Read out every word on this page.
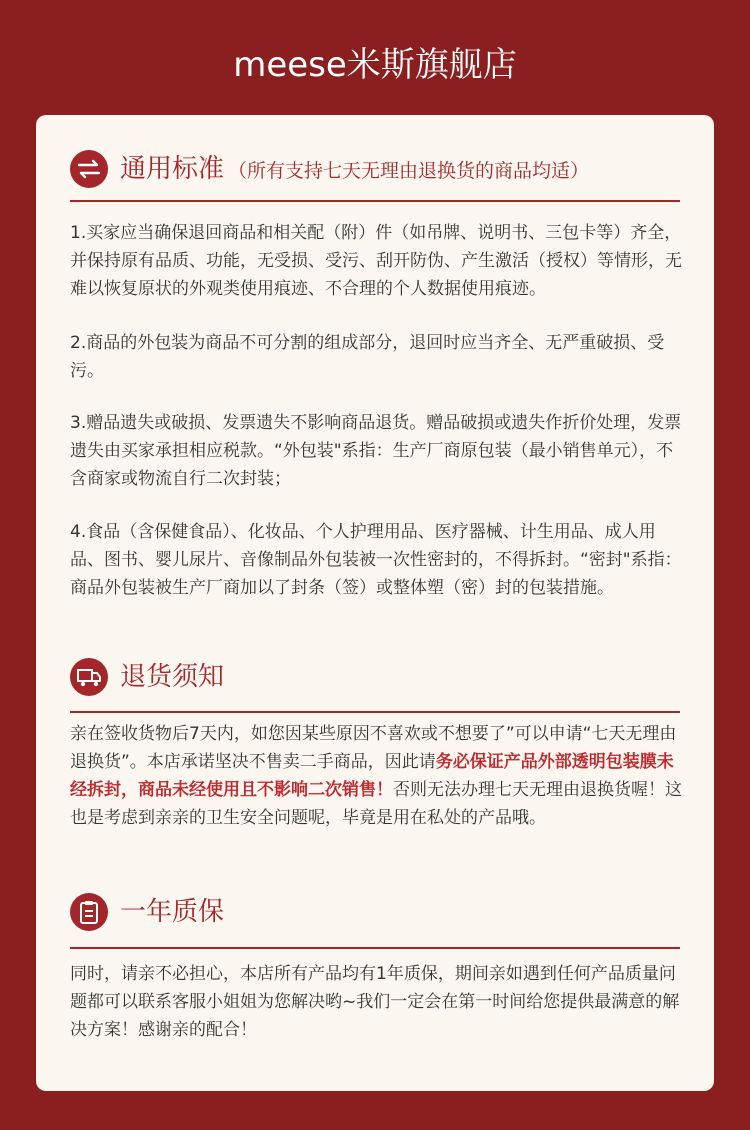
meese米斯旗舰店
通用标准 （所有支持七天无理由退换货的商品均适）
1.买家应当确保退回商品和相关配（附）件（如吊牌、说明书、三包卡等）齐全，并保持原有品质、功能，无受损、受污、刮开防伪、产生激活（授权）等情形，无难以恢复原状的外观类使用痕迹、不合理的个人数据使用痕迹。
2.商品的外包装为商品不可分割的组成部分，退回时应当齐全、无严重破损、受污。
3.赠品遗失或破损、发票遗失不影响商品退货。赠品破损或遗失作折价处理，发票遗失由买家承担相应税款。“外包装"系指：生产厂商原包装（最小销售单元），不含商家或物流自行二次封装；
4.食品（含保健食品）、化妆品、个人护理用品、医疗器械、计生用品、成人用品、图书、婴儿尿片、音像制品外包装被一次性密封的，不得拆封。“密封"系指：商品外包装被生产厂商加以了封条（签）或整体塑（密）封的包装措施。
退货须知
亲在签收货物后7天内，如您因某些原因不喜欢或不想要了”可以申请“七天无理由退换货”。本店承诺坚决不售卖二手商品，因此请务必保证产品外部透明包装膜未经拆封，商品未经使用且不影响二次销售！否则无法办理七天无理由退换货喔！这也是考虑到亲亲的卫生安全问题呢，毕竟是用在私处的产品哦。
一年质保
同时，请亲不必担心，本店所有产品均有1年质保，期间亲如遇到任何产品质量问题都可以联系客服小姐姐为您解决哟~我们一定会在第一时间给您提供最满意的解决方案！感谢亲的配合！
